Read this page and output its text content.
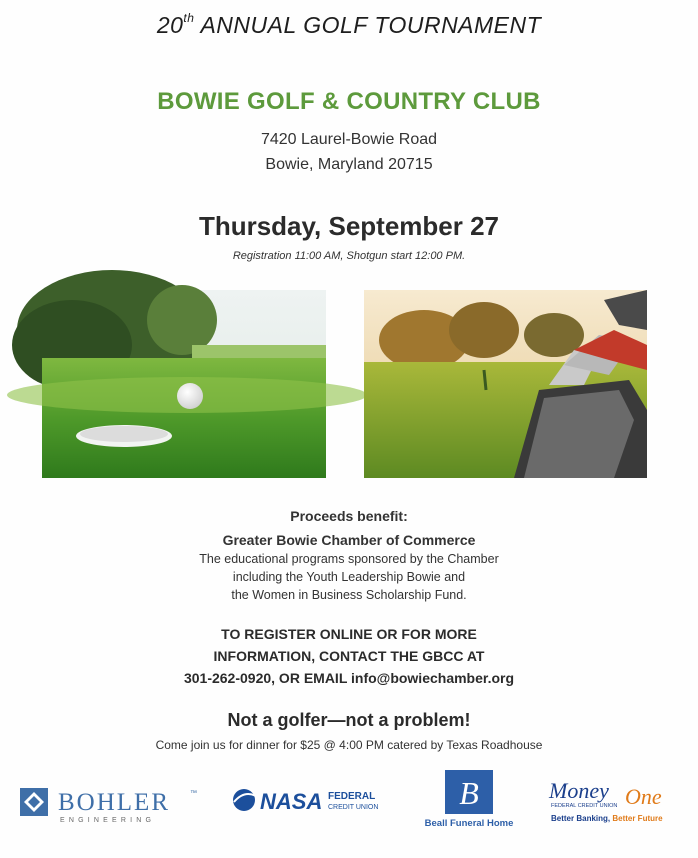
20th ANNUAL GOLF TOURNAMENT
BOWIE GOLF & COUNTRY CLUB
7420 Laurel-Bowie Road
Bowie, Maryland 20715
Thursday, September 27
Registration 11:00 AM, Shotgun start 12:00 PM.
Proceeds benefit:
Greater Bowie Chamber of Commerce
The educational programs sponsored by the Chamber
including the Youth Leadership Bowie and
the Women in Business Scholarship Fund.
TO REGISTER ONLINE OR FOR MORE
INFORMATION, CONTACT THE GBCC AT
301-262-0920, OR EMAIL info@bowiechamber.org
Not a golfer—not a problem!
Come join us for dinner for $25 @ 4:00 PM catered by Texas Roadhouse
BOHLER	™
ENGINEERING
NASA FEDERAL
CREDIT UNION	B
Beall Funeral Home
Money One
FEDERAL CREDIT UNION
Better Banking, Better Future
